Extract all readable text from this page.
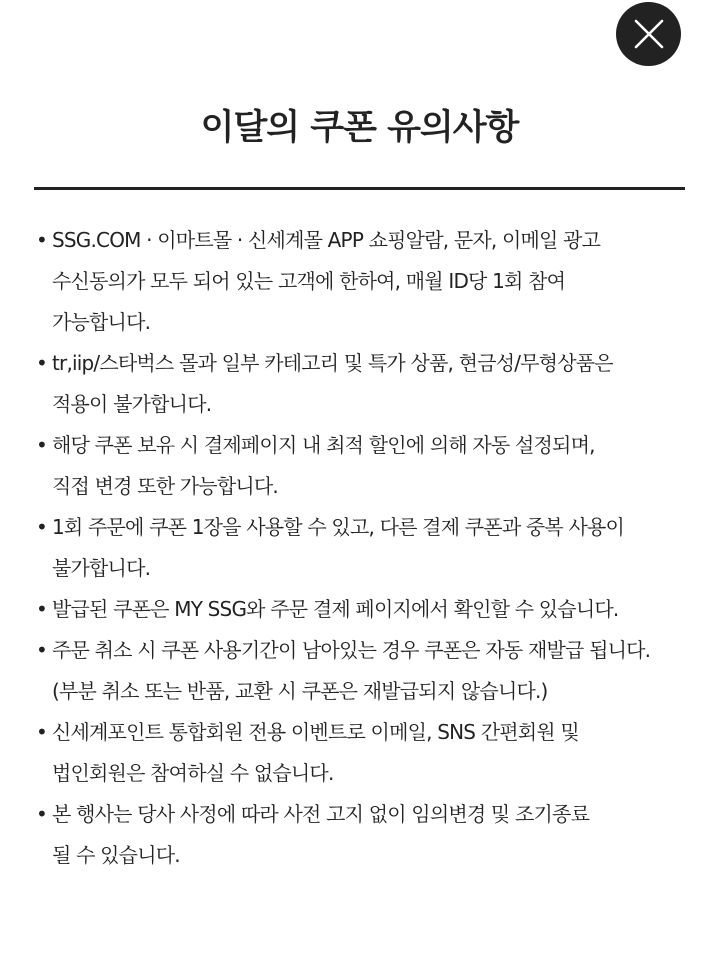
이달의 쿠폰 유의사항
• SSG.COM · 이마트몰 · 신세계몰 APP 쇼핑알람, 문자, 이메일 광고
수신동의가 모두 되어 있는 고객에 한하여, 매월 ID당 1회 참여
가능합니다.
• tr,iip/스타벅스 몰과 일부 카테고리 및 특가 상품, 현금성/무형상품은
적용이 불가합니다.
• 해당 쿠폰 보유 시 결제페이지 내 최적 할인에 의해 자동 설정되며,
직접 변경 또한 가능합니다.
• 1회 주문에 쿠폰 1장을 사용할 수 있고, 다른 결제 쿠폰과 중복 사용이
불가합니다.
• 발급된 쿠폰은 MY SSG와 주문 결제 페이지에서 확인할 수 있습니다.
• 주문 취소 시 쿠폰 사용기간이 남아있는 경우 쿠폰은 자동 재발급 됩니다.
(부분 취소 또는 반품, 교환 시 쿠폰은 재발급되지 않습니다.)
• 신세계포인트 통합회원 전용 이벤트로 이메일, SNS 간편회원 및
법인회원은 참여하실 수 없습니다.
• 본 행사는 당사 사정에 따라 사전 고지 없이 임의변경 및 조기종료
될 수 있습니다.
